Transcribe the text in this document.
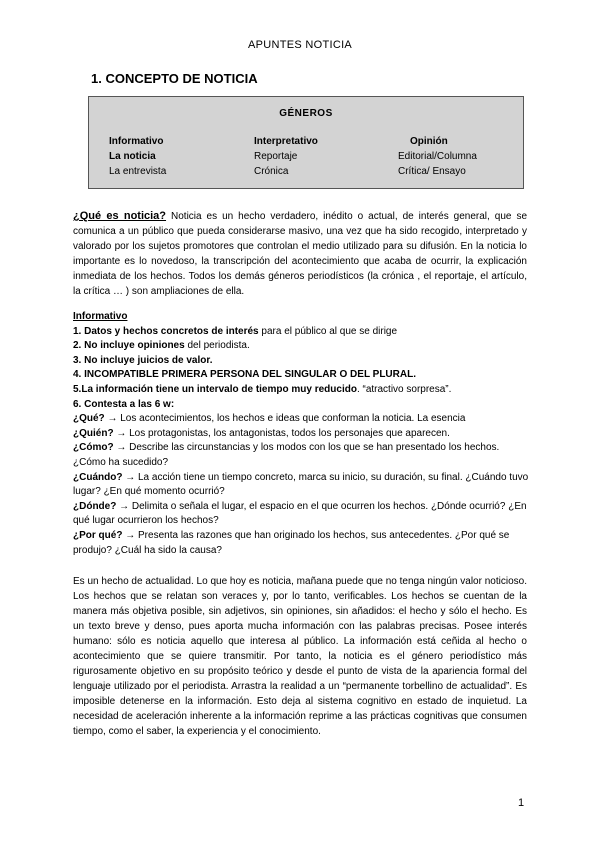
APUNTES NOTICIA
1. CONCEPTO DE NOTICIA
GÉNEROS
Informativo
La noticia
La entrevista
Interpretativo
Reportaje
Crónica
Opinión
Editorial/Columna
Crítica/ Ensayo
¿Qué es noticia? Noticia es un hecho verdadero, inédito o actual, de interés general, que se comunica a un público que pueda considerarse masivo, una vez que ha sido recogido, interpretado y valorado por los sujetos promotores que controlan el medio utilizado para su difusión. En la noticia lo importante es lo novedoso, la transcripción del acontecimiento que acaba de ocurrir, la explicación inmediata de los hechos. Todos los demás géneros periodísticos (la crónica , el reportaje, el artículo, la crítica … ) son ampliaciones de ella.
Informativo
1. Datos y hechos concretos de interés para el público al que se dirige
2. No incluye opiniones del periodista.
3. No incluye juicios de valor.
4. INCOMPATIBLE PRIMERA PERSONA DEL SINGULAR O DEL PLURAL.
5.La información tiene un intervalo de tiempo muy reducido. “atractivo sorpresa”.
6. Contesta a las 6 w:
¿Qué? → Los acontecimientos, los hechos e ideas que conforman la noticia. La esencia
¿Quién? → Los protagonistas, los antagonistas, todos los personajes que aparecen.
¿Cómo? → Describe las circunstancias y los modos con los que se han presentado los hechos. ¿Cómo ha sucedido?
¿Cuándo? → La acción tiene un tiempo concreto, marca su inicio, su duración, su final. ¿Cuándo tuvo lugar? ¿En qué momento ocurrió?
¿Dónde? → Delimita o señala el lugar, el espacio en el que ocurren los hechos. ¿Dónde ocurrió? ¿En qué lugar ocurrieron los hechos?
¿Por qué? → Presenta las razones que han originado los hechos, sus antecedentes. ¿Por qué se produjo? ¿Cuál ha sido la causa?
Es un hecho de actualidad. Lo que hoy es noticia, mañana puede que no tenga ningún valor noticioso. Los hechos que se relatan son veraces y, por lo tanto, verificables. Los hechos se cuentan de la manera más objetiva posible, sin adjetivos, sin opiniones, sin añadidos: el hecho y sólo el hecho. Es un texto breve y denso, pues aporta mucha información con las palabras precisas. Posee interés humano: sólo es noticia aquello que interesa al público. La información está ceñida al hecho o acontecimiento que se quiere transmitir. Por tanto, la noticia es el género periodístico más rigurosamente objetivo en su propósito teórico y desde el punto de vista de la apariencia formal del lenguaje utilizado por el periodista. Arrastra la realidad a un “permanente torbellino de actualidad”. Es imposible detenerse en la información. Esto deja al sistema cognitivo en estado de inquietud. La necesidad de aceleración inherente a la información reprime a las prácticas cognitivas que consumen tiempo, como el saber, la experiencia y el conocimiento.
1
